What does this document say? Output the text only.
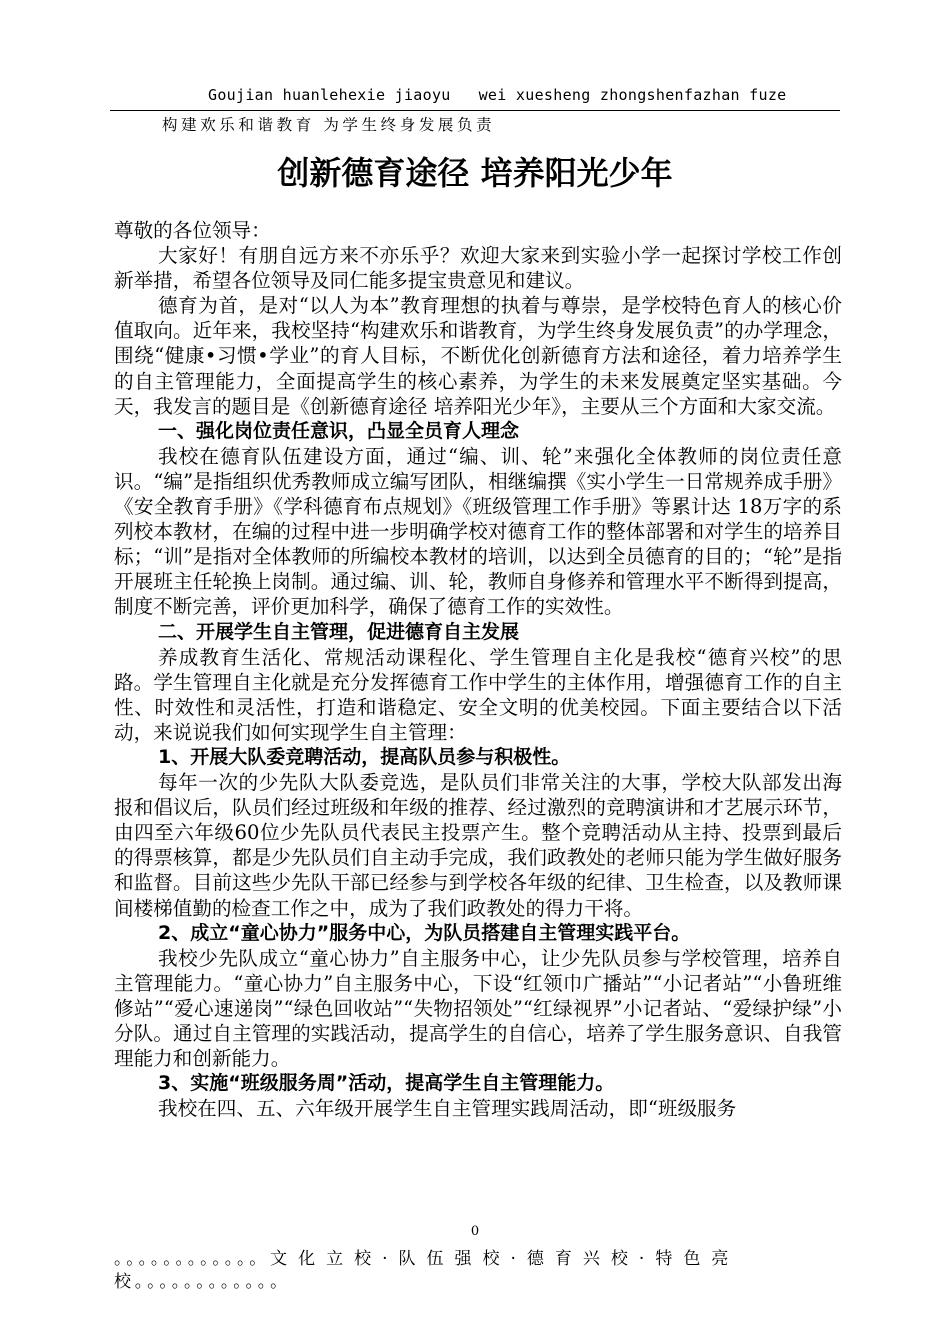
Goujian huanlehexie jiaoyu   wei xuesheng zhongshenfazhan fuze
构建欢乐和谐教育 为学生终身发展负责
创新德育途径 培养阳光少年

尊敬的各位领导：

大家好！有朋自远方来不亦乐乎？欢迎大家来到实验小学一起探讨学校工作创新举措，希望各位领导及同仁能多提宝贵意见和建议。

德育为首，是对“以人为本”教育理想的执着与尊崇，是学校特色育人的核心价值取向。近年来，我校坚持“构建欢乐和谐教育，为学生终身发展负责”的办学理念，围绕“健康•习惯•学业”的育人目标，不断优化创新德育方法和途径，着力培养学生的自主管理能力，全面提高学生的核心素养，为学生的未来发展奠定坚实基础。今天，我发言的题目是《创新德育途径 培养阳光少年》，主要从三个方面和大家交流。

一、强化岗位责任意识，凸显全员育人理念

我校在德育队伍建设方面，通过“编、训、轮”来强化全体教师的岗位责任意识。“编”是指组织优秀教师成立编写团队，相继编撰《实小学生一日常规养成手册》《安全教育手册》《学科德育布点规划》《班级管理工作手册》等累计达 18万字的系列校本教材，在编的过程中进一步明确学校对德育工作的整体部署和对学生的培养目标；“训”是指对全体教师的所编校本教材的培训，以达到全员德育的目的；“轮”是指开展班主任轮换上岗制。通过编、训、轮，教师自身修养和管理水平不断得到提高，制度不断完善，评价更加科学，确保了德育工作的实效性。

二、开展学生自主管理，促进德育自主发展

养成教育生活化、常规活动课程化、学生管理自主化是我校“德育兴校”的思路。学生管理自主化就是充分发挥德育工作中学生的主体作用，增强德育工作的自主性、时效性和灵活性，打造和谐稳定、安全文明的优美校园。下面主要结合以下活动，来说说我们如何实现学生自主管理：

1、开展大队委竞聘活动，提高队员参与积极性。

每年一次的少先队大队委竞选，是队员们非常关注的大事，学校大队部发出海报和倡议后，队员们经过班级和年级的推荐、经过激烈的竞聘演讲和才艺展示环节，由四至六年级60位少先队员代表民主投票产生。整个竞聘活动从主持、投票到最后的得票核算，都是少先队员们自主动手完成，我们政教处的老师只能为学生做好服务和监督。目前这些少先队干部已经参与到学校各年级的纪律、卫生检查，以及教师课间楼梯值勤的检查工作之中，成为了我们政教处的得力干将。

2、成立“童心协力”服务中心，为队员搭建自主管理实践平台。

我校少先队成立“童心协力”自主服务中心，让少先队员参与学校管理，培养自主管理能力。“童心协力”自主服务中心，下设“红领巾广播站”“小记者站”“小鲁班维修站”“爱心速递岗”“绿色回收站”“失物招领处”“红绿视界”小记者站、“爱绿护绿”小分队。通过自主管理的实践活动，提高学生的自信心，培养了学生服务意识、自我管理能力和创新能力。

3、实施“班级服务周”活动，提高学生自主管理能力。

我校在四、五、六年级开展学生自主管理实践周活动，即“班级服务

0
。。。。。。。。。。。。 文化立校·队伍强校·德育兴校·特色亮
校。。。。。。。。。。。。
